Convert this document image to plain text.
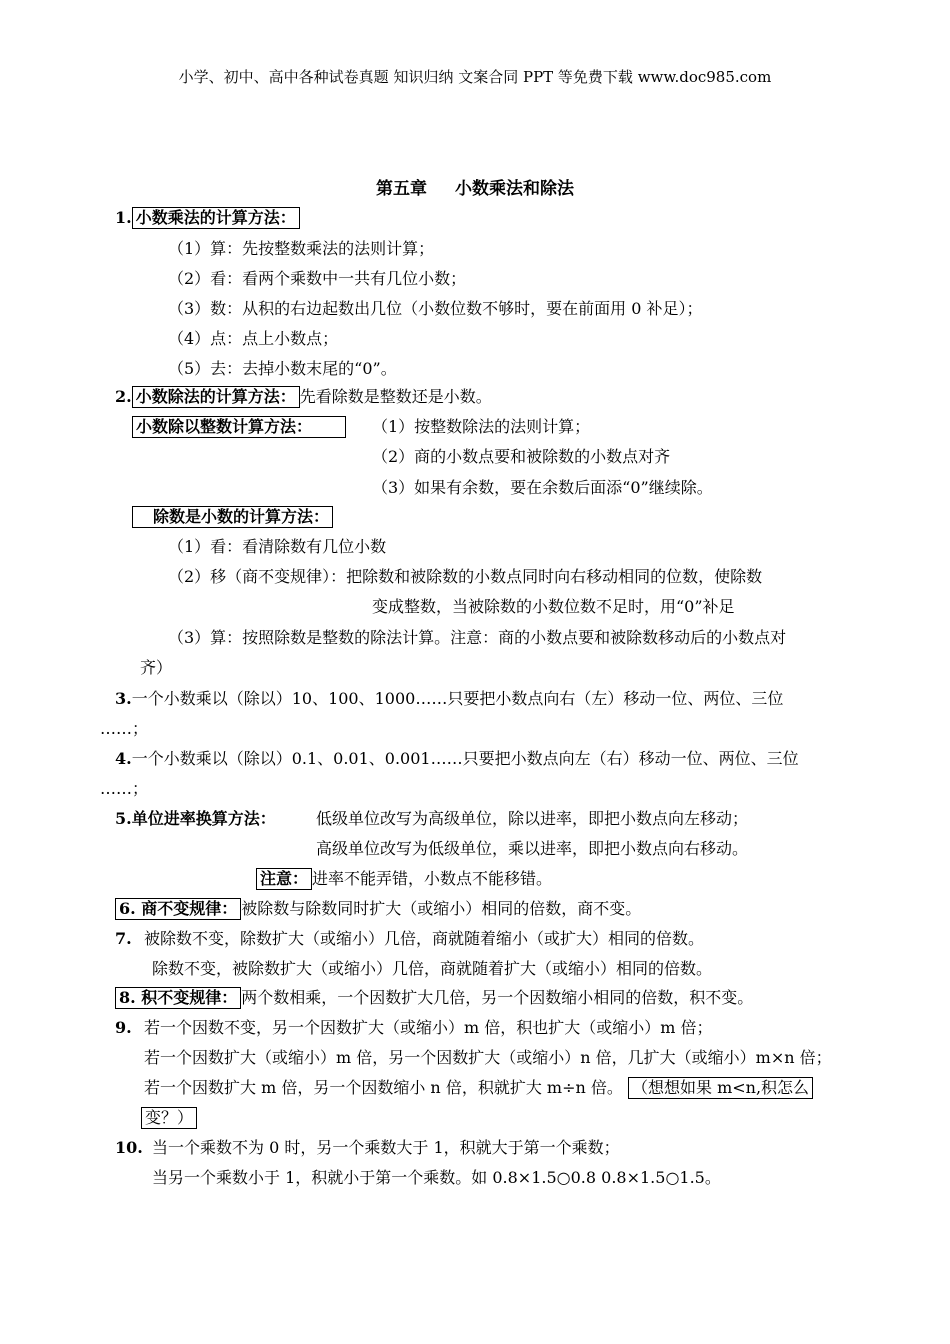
小学、初中、高中各种试卷真题 知识归纳 文案合同 PPT 等免费下载 www.doc985.com
第五章 小数乘法和除法
1. 小数乘法的计算方法：
（1）算：先按整数乘法的法则计算；
（2）看：看两个乘数中一共有几位小数；
（3）数：从积的右边起数出几位（小数位数不够时，要在前面用 0 补足）；
（4）点：点上小数点；
（5）去：去掉小数末尾的“0”。
2. 小数除法的计算方法： 先看除数是整数还是小数。
小数除以整数计算方法：	（1）按整数除法的法则计算；
（2）商的小数点要和被除数的小数点对齐
（3）如果有余数，要在余数后面添“0”继续除。
除数是小数的计算方法：
（1）看：看清除数有几位小数
（2）移（商不变规律）：把除数和被除数的小数点同时向右移动相同的位数，使除数
变成整数，当被除数的小数位数不足时，用“0”补足
（3）算：按照除数是整数的除法计算。注意：商的小数点要和被除数移动后的小数点对
齐）
3.一个小数乘以（除以）10、100、1000……只要把小数点向右（左）移动一位、两位、三位
……；
4.一个小数乘以（除以）0.1、0.01、0.001……只要把小数点向左（右）移动一位、两位、三位
……；
5.单位进率换算方法：	低级单位改写为高级单位，除以进率，即把小数点向左移动；
高级单位改写为低级单位，乘以进率，即把小数点向右移动。
注意： 进率不能弄错，小数点不能移错。
6. 商不变规律： 被除数与除数同时扩大（或缩小）相同的倍数，商不变。
7. 被除数不变，除数扩大（或缩小）几倍，商就随着缩小（或扩大）相同的倍数。
除数不变，被除数扩大（或缩小）几倍，商就随着扩大（或缩小）相同的倍数。
8. 积不变规律： 两个数相乘，一个因数扩大几倍，另一个因数缩小相同的倍数，积不变。
9. 若一个因数不变，另一个因数扩大（或缩小）m 倍，积也扩大（或缩小）m 倍；
若一个因数扩大（或缩小）m 倍，另一个因数扩大（或缩小）n 倍，几扩大（或缩小）m×n 倍；
若一个因数扩大 m 倍，另一个因数缩小 n 倍，积就扩大 m÷n 倍。 （想想如果 m<n,积怎么
变？）
10. 当一个乘数不为 0 时，另一个乘数大于 1，积就大于第一个乘数；
当另一个乘数小于 1，积就小于第一个乘数。如 0.8×1.5○0.8 0.8×1.5○1.5。
